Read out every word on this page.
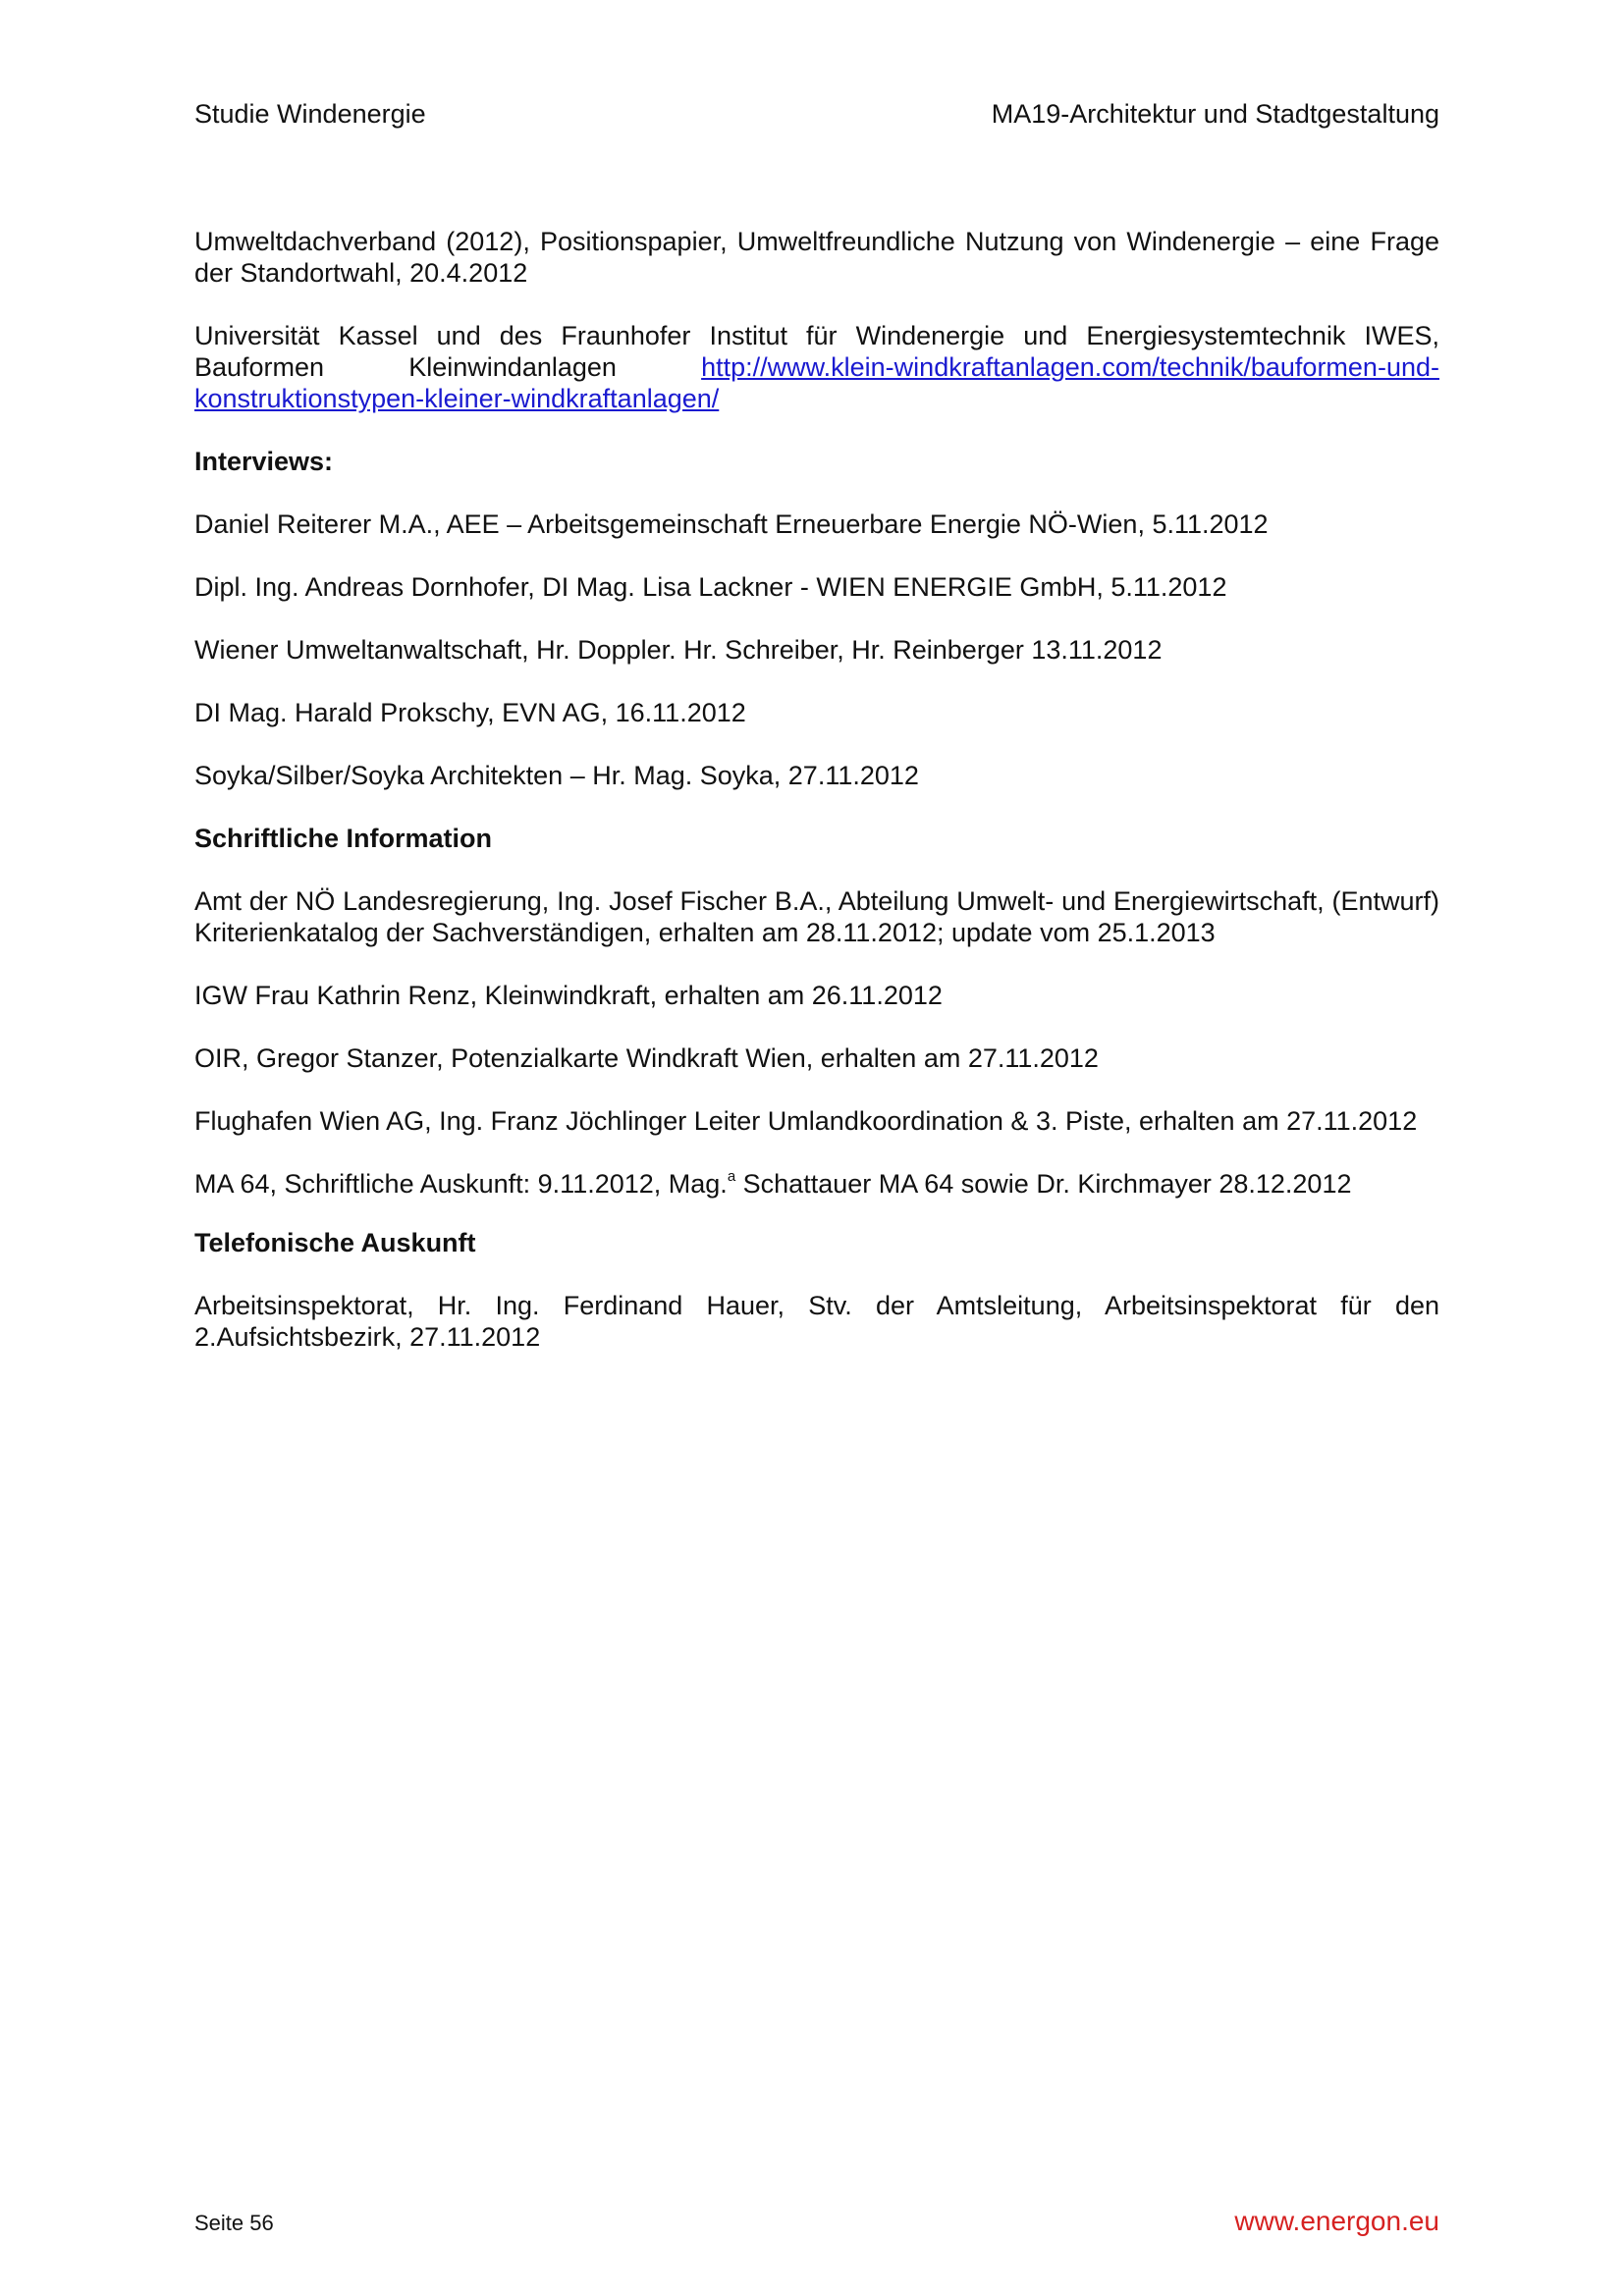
Studie Windenergie	MA19-Architektur und Stadtgestaltung

Umweltdachverband (2012), Positionspapier, Umweltfreundliche Nutzung von Windenergie – eine Frage der Standortwahl, 20.4.2012

Universität Kassel und des Fraunhofer Institut für Windenergie und Energiesystemtechnik IWES, Bauformen Kleinwindanlagen	http://www.klein-windkraftanlagen.com/technik/bauformen-und-konstruktionstypen-kleiner-windkraftanlagen/

Interviews:

Daniel Reiterer M.A., AEE – Arbeitsgemeinschaft Erneuerbare Energie NÖ-Wien, 5.11.2012

Dipl. Ing. Andreas Dornhofer, DI Mag. Lisa Lackner - WIEN ENERGIE GmbH, 5.11.2012

Wiener Umweltanwaltschaft, Hr. Doppler. Hr. Schreiber, Hr. Reinberger 13.11.2012

DI Mag. Harald Prokschy, EVN AG, 16.11.2012

Soyka/Silber/Soyka Architekten – Hr. Mag. Soyka, 27.11.2012

Schriftliche Information

Amt der NÖ Landesregierung, Ing. Josef Fischer B.A., Abteilung Umwelt- und Energiewirtschaft, (Entwurf) Kriterienkatalog der Sachverständigen, erhalten am 28.11.2012; update vom 25.1.2013

IGW Frau Kathrin Renz, Kleinwindkraft, erhalten am 26.11.2012

OIR, Gregor Stanzer, Potenzialkarte Windkraft Wien, erhalten am 27.11.2012

Flughafen Wien AG, Ing. Franz Jöchlinger Leiter Umlandkoordination & 3. Piste, erhalten am 27.11.2012

MA 64, Schriftliche Auskunft: 9.11.2012, Mag.$^a$ Schattauer MA 64 sowie Dr. Kirchmayer 28.12.2012

Telefonische Auskunft

Arbeitsinspektorat, Hr. Ing. Ferdinand Hauer, Stv. der Amtsleitung, Arbeitsinspektorat für den 2.Aufsichtsbezirk, 27.11.2012

Seite 56	www.energon.eu
